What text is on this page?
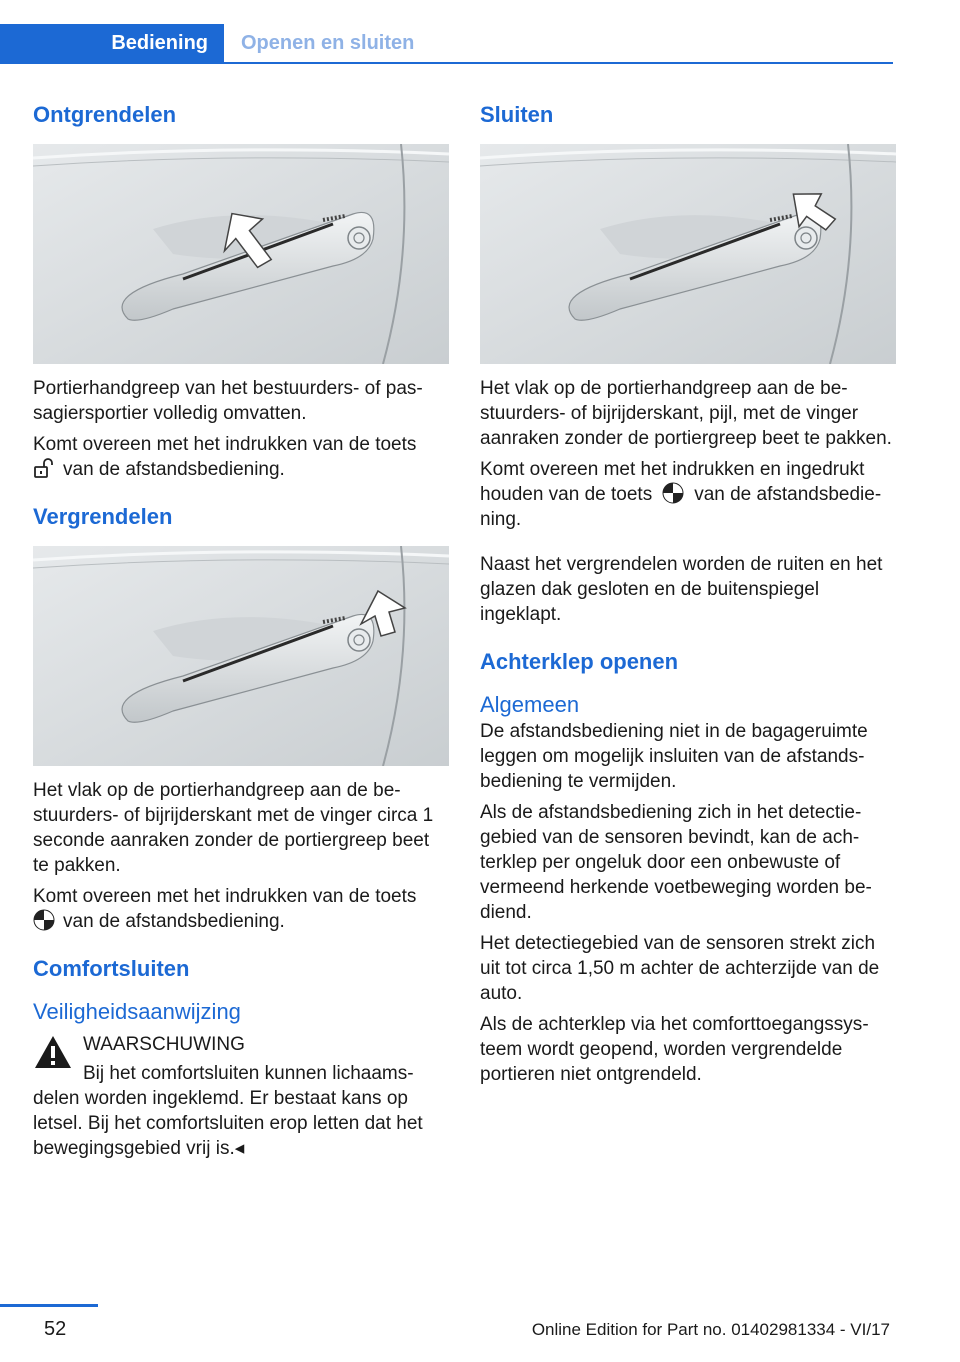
Bediening Openen en sluiten
Ontgrendelen

Portierhandgreep van het bestuurders- of passagiersportier volledig omvatten.

Komt overeen met het indrukken van de toets
van de afstandsbediening.

Vergrendelen

Het vlak op de portierhandgreep aan de bestuurders- of bijrijderskant met de vinger circa 1 seconde aanraken zonder de portiergreep beet te pakken.

Komt overeen met het indrukken van de toets
van de afstandsbediening.

Comfortsluiten
Veiligheidsaanwijzing

WAARSCHUWING

Bij het comfortsluiten kunnen lichaamsdelen worden ingeklemd. Er bestaat kans op letsel. Bij het comfortsluiten erop letten dat het bewegingsgebied vrij is.◂

Sluiten

Het vlak op de portierhandgreep aan de bestuurders- of bijrijderskant, pijl, met de vinger aanraken zonder de portiergreep beet te pakken.

Komt overeen met het indrukken en ingedrukt houden van de toets van de afstandsbediening.

Naast het vergrendelen worden de ruiten en het glazen dak gesloten en de buitenspiegel ingeklapt.

Achterklep openen
Algemeen

De afstandsbediening niet in de bagageruimte leggen om mogelijk insluiten van de afstandsbediening te vermijden.

Als de afstandsbediening zich in het detectiegebied van de sensoren bevindt, kan de achterklep per ongeluk door een onbewuste of vermeend herkende voetbeweging worden bediend.

Het detectiegebied van de sensoren strekt zich uit tot circa 1,50 m achter de achterzijde van de auto.

Als de achterklep via het comforttoegangssysteem wordt geopend, worden vergrendelde portieren niet ontgrendeld.

52	Online Edition for Part no. 01402981334 - VI/17
